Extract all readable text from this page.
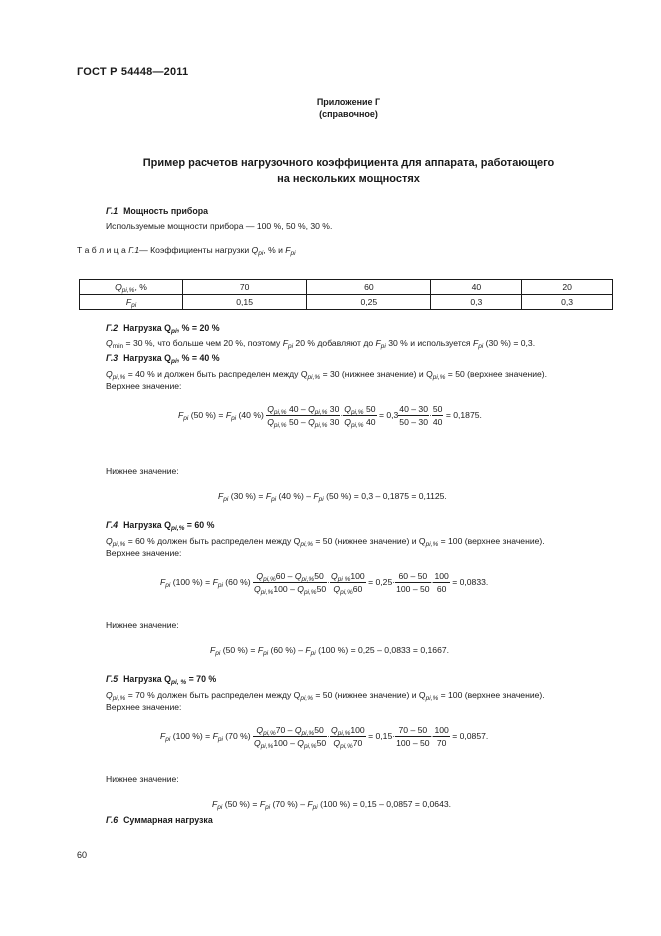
ГОСТ Р 54448—2011
Приложение Г
(справочное)
Пример расчетов нагрузочного коэффициента для аппарата, работающего
на нескольких мощностях
Г.1 Мощность прибора
Используемые мощности прибора — 100 %, 50 %, 30 %.
Т а б л и ц а Г.1— Коэффициенты нагрузки $Q_{pi}$, % и $F_{pi}$
$Q_{pi,\%}$, %	70	60	40	20
$F_{pi}$	0,15	0,25	0,3	0,3
Г.2 Нагрузка $Q_{pi}$, % = 20 %
$Q_{min} = 30$ %, что больше чем 20 %, поэтому $F_{pi}$ 20 % добавляют до $F_{pi}$ 30 % и используется $F_{pi}$ (30 %) = 0,3.
Г.3 Нагрузка $Q_{pi}$, % = 40 %
$Q_{pi,\%} = 40$ % и должен быть распределен между $Q_{pi,\%} = 30$ (нижнее значение) и $Q_{pi,\%} = 50$ (верхнее значение).
Верхнее значение:
$F_{pi}$ (50 %) = $F_{pi}$ (40 %) $\frac{Q_{pi,\%} 40 - Q_{pi,\%} 30}{Q_{pi,\%} 50 - Q_{pi,\%} 30} \cdot \frac{Q_{pi,\%} 50}{Q_{pi,\%} 40} = 0,3 \frac{40 - 30}{50 - 30} \cdot \frac{50}{40} = 0,1875$.
Нижнее значение:
$F_{pi}$ (30 %) = $F_{pi}$ (40 %) – $F_{pi}$ (50 %) = 0,3 – 0,1875 = 0,1125.
Г.4 Нагрузка $Q_{pi,\%} = 60$ %
$Q_{pi,\%} = 60$ % должен быть распределен между $Q_{pi,\%} = 50$ (нижнее значение) и $Q_{pi,\%} = 100$ (верхнее значение).
Верхнее значение:
$F_{pi}$ (100 %) = $F_{pi}$ (60 %) $\frac{Q_{pi,\%}60 - Q_{pi,\%}50}{Q_{pi,\%}100 - Q_{pi,\%}50} \cdot \frac{Q_{pi \%}100}{Q_{pi,\%}60} = 0,25\cdot \frac{60 - 50}{100 - 50} \cdot \frac{100}{60} = 0,0833$.
Нижнее значение:
$F_{pi}$ (50 %) = $F_{pi}$ (60 %) – $F_{pi}$ (100 %) = 0,25 – 0,0833 = 0,1667.
Г.5 Нагрузка $Q_{pi, \%} = 70$ %
$Q_{pi,\%} = 70$ % должен быть распределен между $Q_{pi,\%} = 50$ (нижнее значение) и $Q_{pi,\%} = 100$ (верхнее значение).
Верхнее значение:
$F_{pi}$ (100 %) = $F_{pi}$ (70 %) $\frac{Q_{pi,\%}70 - Q_{pi,\%}50}{Q_{pi,\%}100 - Q_{pi,\%}50} \cdot \frac{Q_{pi,\%}100}{Q_{pi,\%}70} = 0,15\cdot \frac{70 - 50}{100 - 50} \cdot \frac{100}{70} = 0,0857$.
Нижнее значение:
$F_{pi}$ (50 %) = $F_{pi}$ (70 %) – $F_{pi}$ (100 %) = 0,15 – 0,0857 = 0,0643.
Г.6 Суммарная нагрузка
60
